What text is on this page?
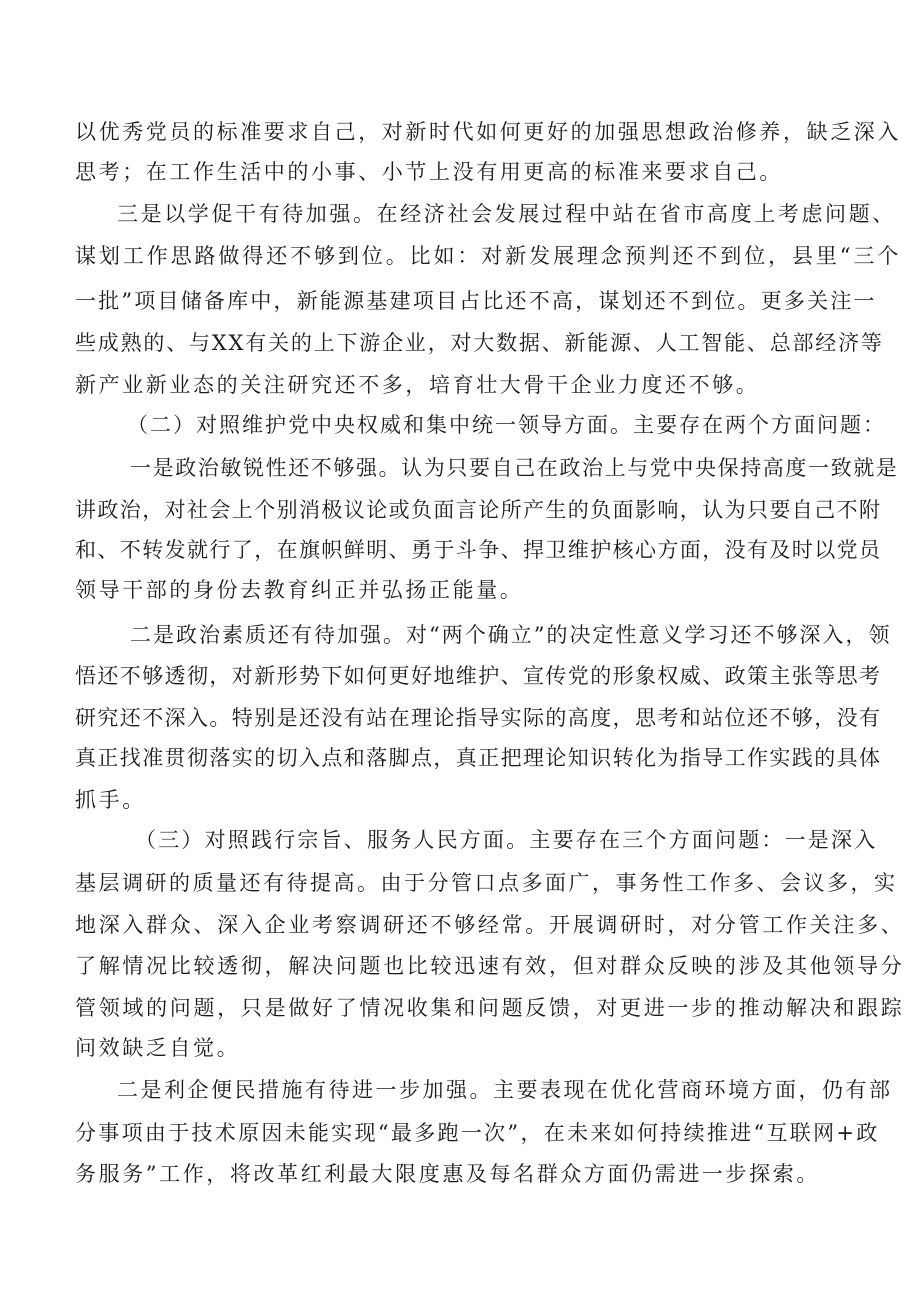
以优秀党员的标准要求自己，对新时代如何更好的加强思想政治修养，缺乏深入
思考；在工作生活中的小事、小节上没有用更高的标准来要求自己。
三是以学促干有待加强。在经济社会发展过程中站在省市高度上考虑问题、
谋划工作思路做得还不够到位。比如：对新发展理念预判还不到位，县里“三个
一批”项目储备库中，新能源基建项目占比还不高，谋划还不到位。更多关注一
些成熟的、与XX有关的上下游企业，对大数据、新能源、人工智能、总部经济等
新产业新业态的关注研究还不多，培育壮大骨干企业力度还不够。
（二）对照维护党中央权威和集中统一领导方面。主要存在两个方面问题：
一是政治敏锐性还不够强。认为只要自己在政治上与党中央保持高度一致就是
讲政治，对社会上个别消极议论或负面言论所产生的负面影响，认为只要自己不附
和、不转发就行了，在旗帜鲜明、勇于斗争、捍卫维护核心方面，没有及时以党员
领导干部的身份去教育纠正并弘扬正能量。
二是政治素质还有待加强。对“两个确立”的决定性意义学习还不够深入，领
悟还不够透彻，对新形势下如何更好地维护、宣传党的形象权威、政策主张等思考
研究还不深入。特别是还没有站在理论指导实际的高度，思考和站位还不够，没有
真正找准贯彻落实的切入点和落脚点，真正把理论知识转化为指导工作实践的具体
抓手。
（三）对照践行宗旨、服务人民方面。主要存在三个方面问题：一是深入
基层调研的质量还有待提高。由于分管口点多面广，事务性工作多、会议多，实
地深入群众、深入企业考察调研还不够经常。开展调研时，对分管工作关注多、
了解情况比较透彻，解决问题也比较迅速有效，但对群众反映的涉及其他领导分
管领域的问题，只是做好了情况收集和问题反馈，对更进一步的推动解决和跟踪
问效缺乏自觉。
二是利企便民措施有待进一步加强。主要表现在优化营商环境方面，仍有部
分事项由于技术原因未能实现“最多跑一次”，在未来如何持续推进“互联网+政
务服务”工作，将改革红利最大限度惠及每名群众方面仍需进一步探索。
